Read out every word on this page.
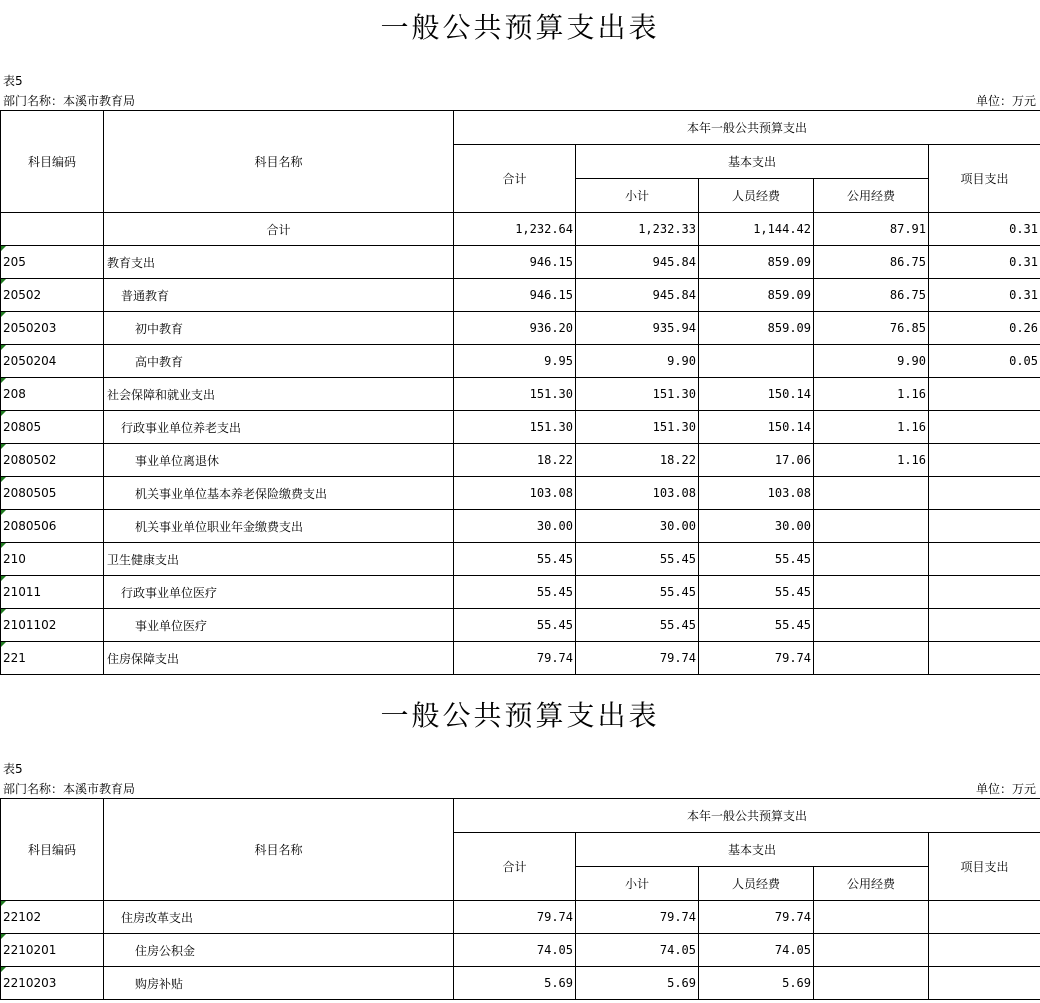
一般公共预算支出表
表5
部门名称：本溪市教育局	单位：万元
科目编码	科目名称	本年一般公共预算支出				
		合计	基本支出			项目支出
			小计	人员经费	公用经费	
	合计	1,232.64	1,232.33	1,144.42	87.91	0.31
205	教育支出	946.15	945.84	859.09	86.75	0.31
20502	普通教育	946.15	945.84	859.09	86.75	0.31
2050203	初中教育	936.20	935.94	859.09	76.85	0.26
2050204	高中教育	9.95	9.90		9.90	0.05
208	社会保障和就业支出	151.30	151.30	150.14	1.16	
20805	行政事业单位养老支出	151.30	151.30	150.14	1.16	
2080502	事业单位离退休	18.22	18.22	17.06	1.16	
2080505	机关事业单位基本养老保险缴费支出	103.08	103.08	103.08		
2080506	机关事业单位职业年金缴费支出	30.00	30.00	30.00		
210	卫生健康支出	55.45	55.45	55.45		
21011	行政事业单位医疗	55.45	55.45	55.45		
2101102	事业单位医疗	55.45	55.45	55.45		
221	住房保障支出	79.74	79.74	79.74		
一般公共预算支出表
表5
部门名称：本溪市教育局	单位：万元
科目编码	科目名称	本年一般公共预算支出				
		合计	基本支出			项目支出
			小计	人员经费	公用经费	
22102	住房改革支出	79.74	79.74	79.74		
2210201	住房公积金	74.05	74.05	74.05		
2210203	购房补贴	5.69	5.69	5.69		
